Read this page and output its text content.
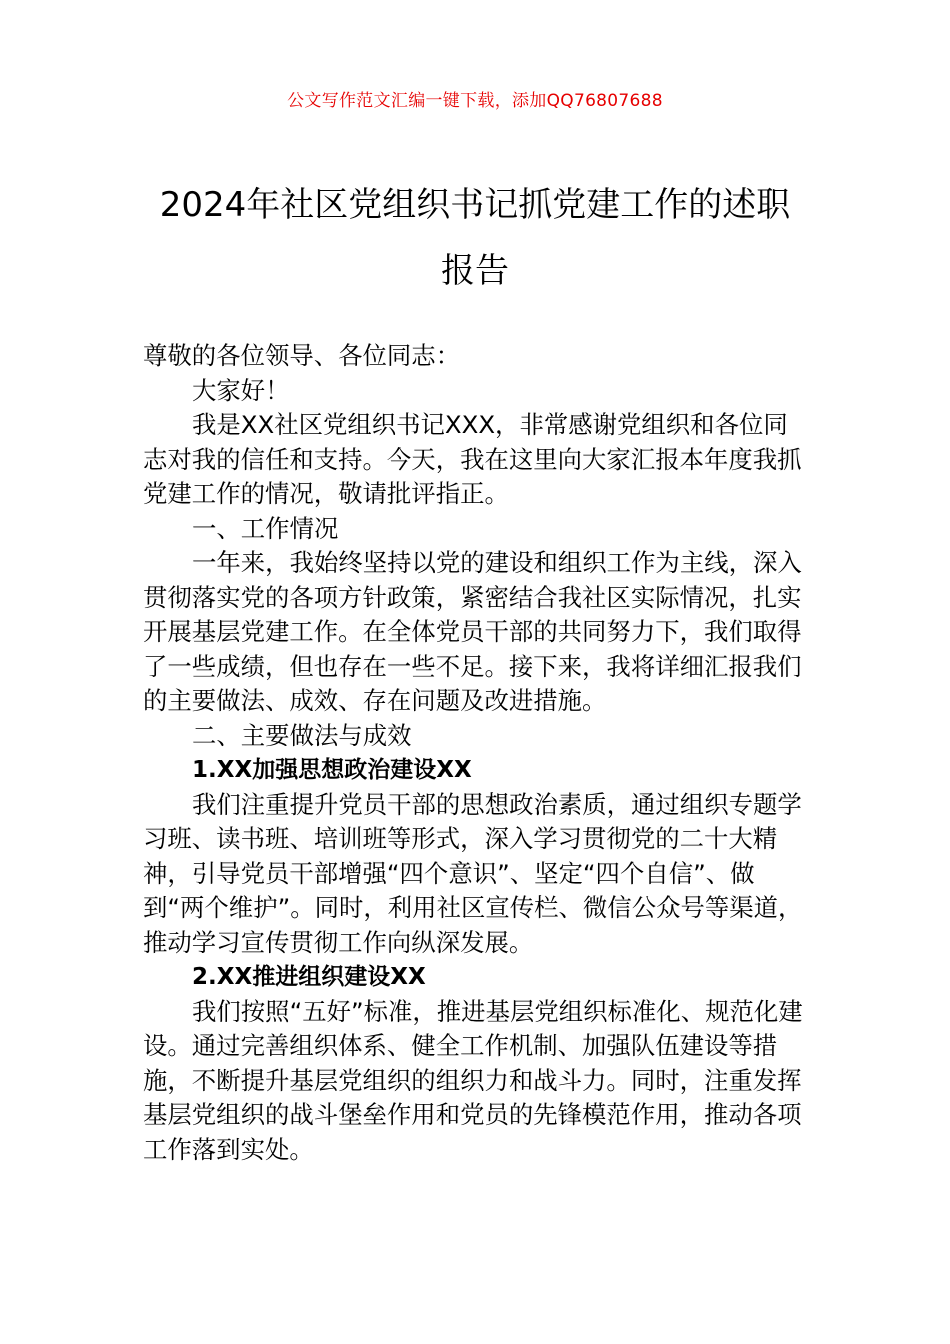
公文写作范文汇编一键下载，添加QQ76807688
2024年社区党组织书记抓党建工作的述职报告

尊敬的各位领导、各位同志：

大家好！

我是XX社区党组织书记XXX，非常感谢党组织和各位同志对我的信任和支持。今天，我在这里向大家汇报本年度我抓党建工作的情况，敬请批评指正。

一、工作情况

一年来，我始终坚持以党的建设和组织工作为主线，深入贯彻落实党的各项方针政策，紧密结合我社区实际情况，扎实开展基层党建工作。在全体党员干部的共同努力下，我们取得了一些成绩，但也存在一些不足。接下来，我将详细汇报我们的主要做法、成效、存在问题及改进措施。

二、主要做法与成效

1.XX加强思想政治建设XX

我们注重提升党员干部的思想政治素质，通过组织专题学习班、读书班、培训班等形式，深入学习贯彻党的二十大精神，引导党员干部增强“四个意识”、坚定“四个自信”、做到“两个维护”。同时，利用社区宣传栏、微信公众号等渠道，推动学习宣传贯彻工作向纵深发展。

2.XX推进组织建设XX

我们按照“五好”标准，推进基层党组织标准化、规范化建设。通过完善组织体系、健全工作机制、加强队伍建设等措施，不断提升基层党组织的组织力和战斗力。同时，注重发挥基层党组织的战斗堡垒作用和党员的先锋模范作用，推动各项工作落到实处。
